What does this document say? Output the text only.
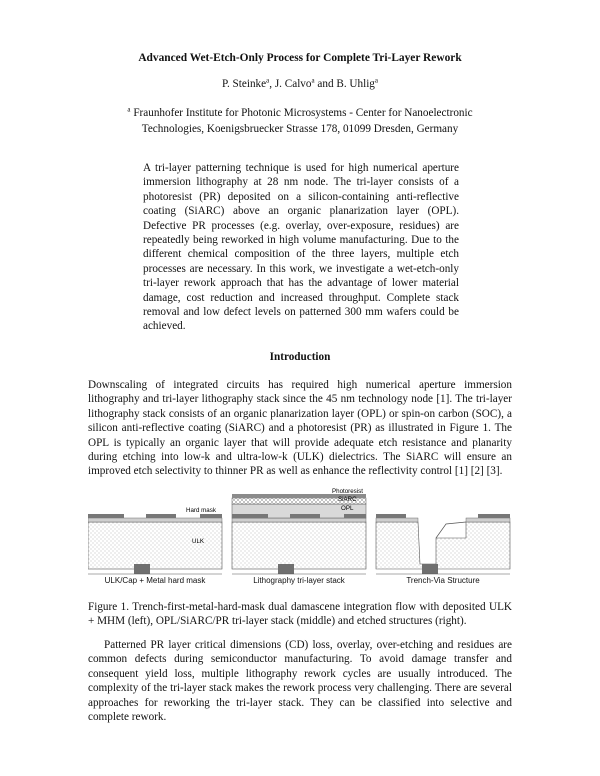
Advanced Wet-Etch-Only Process for Complete Tri-Layer Rework
P. Steinke$^a$, J. Calvo$^a$ and B. Uhlig$^a$
$^a$ Fraunhofer Institute for Photonic Microsystems - Center for Nanoelectronic
Technologies, Koenigsbruecker Strasse 178, 01099 Dresden, Germany
A tri-layer patterning technique is used for high numerical aperture immersion lithography at 28 nm node. The tri-layer consists of a photoresist (PR) deposited on a silicon-containing anti-reflective coating (SiARC) above an organic planarization layer (OPL). Defective PR processes (e.g. overlay, over-exposure, residues) are repeatedly being reworked in high volume manufacturing. Due to the different chemical composition of the three layers, multiple etch processes are necessary. In this work, we investigate a wet-etch-only tri-layer rework approach that has the advantage of lower material damage, cost reduction and increased throughput. Complete stack removal and low defect levels on patterned 300 mm wafers could be achieved.
Introduction
Downscaling of integrated circuits has required high numerical aperture immersion lithography and tri-layer lithography stack since the 45 nm technology node [1]. The tri-layer lithography stack consists of an organic planarization layer (OPL) or spin-on carbon (SOC), a silicon anti-reflective coating (SiARC) and a photoresist (PR) as illustrated in Figure 1. The OPL is typically an organic layer that will provide adequate etch resistance and planarity during etching into low-k and ultra-low-k (ULK) dielectrics. The SiARC will ensure an improved etch selectivity to thinner PR as well as enhance the reflectivity control [1] [2] [3].
Hard mask
ULK
Photoresist
SiARC
OPL
ULK/Cap + Metal hard mask	Lithography tri-layer stack	Trench-Via Structure
Figure 1. Trench-first-metal-hard-mask dual damascene integration flow with deposited ULK + MHM (left), OPL/SiARC/PR tri-layer stack (middle) and etched structures (right).
Patterned PR layer critical dimensions (CD) loss, overlay, over-etching and residues are common defects during semiconductor manufacturing. To avoid damage transfer and consequent yield loss, multiple lithography rework cycles are usually introduced. The complexity of the tri-layer stack makes the rework process very challenging. There are several approaches for reworking the tri-layer stack. They can be classified into selective and complete rework.
